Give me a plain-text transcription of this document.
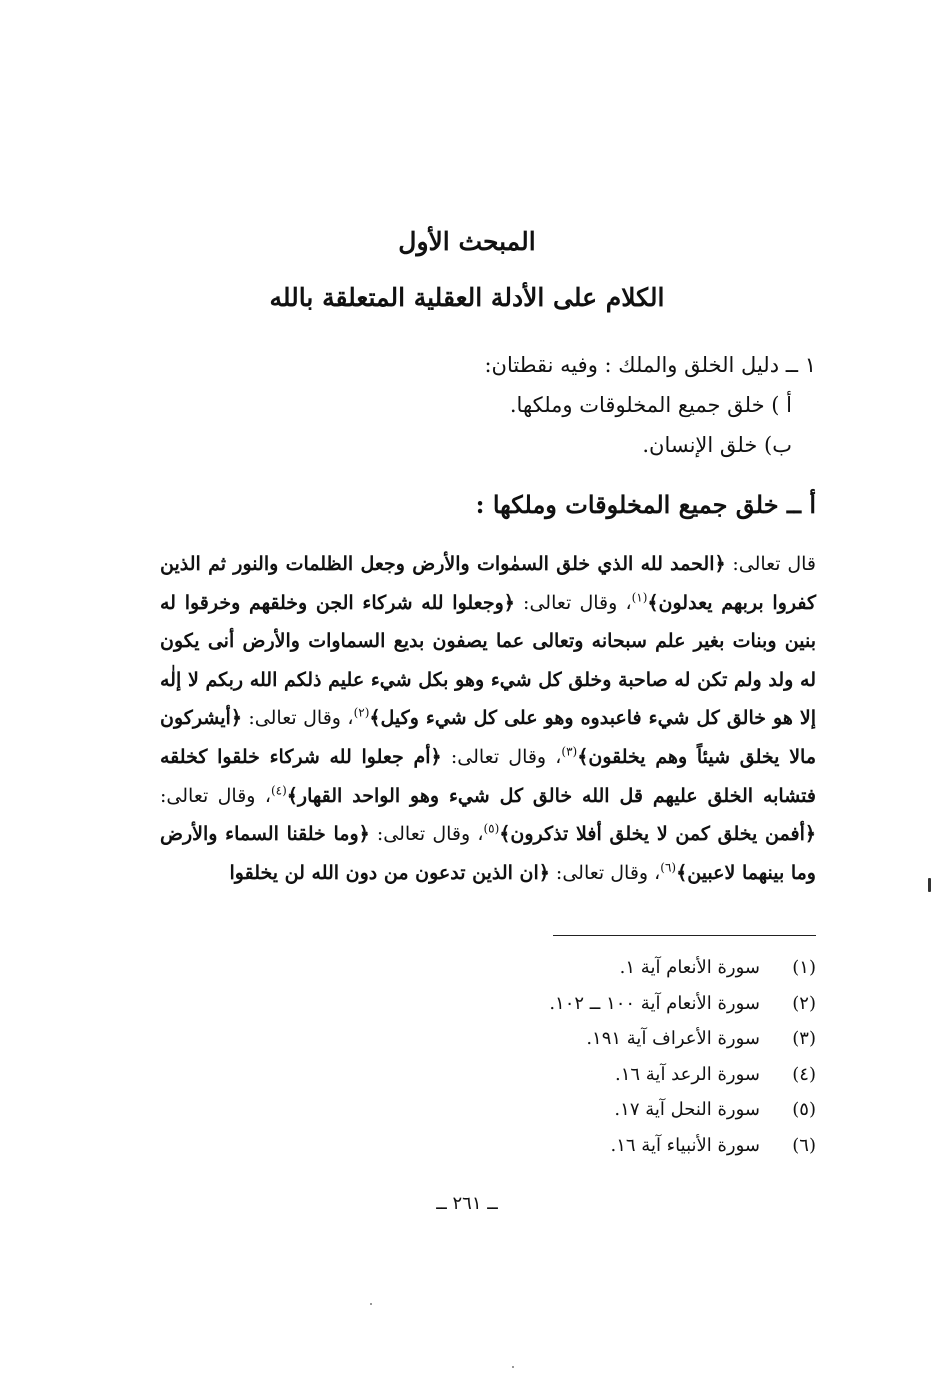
المبحث الأول
الكلام على الأدلة العقلية المتعلقة بالله
١ ــ دليل الخلق والملك : وفيه نقطتان:
أ ) خلق جميع المخلوقات وملكها.
ب) خلق الإنسان.
أ ــ خلق جميع المخلوقات وملكها :

قال تعالى: ﴿الحمد لله الذي خلق السمٰوات والأرض وجعل الظلمات والنور ثم الذين كفروا بربهم يعدلون﴾$^{(١)}$، وقال تعالى: ﴿وجعلوا لله شركاء الجن وخلقهم وخرقوا له بنين وبنات بغير علم سبحانه وتعالى عما يصفون بديع السماوات والأرض أنى يكون له ولد ولم تكن له صاحبة وخلق كل شيء وهو بكل شيء عليم ذلكم الله ربكم لا إلٰه إلا هو خالق كل شيء فاعبدوه وهو على كل شيء وكيل﴾$^{(٢)}$، وقال تعالى: ﴿أيشركون مالا يخلق شيئاً وهم يخلقون﴾$^{(٣)}$، وقال تعالى: ﴿أم جعلوا لله شركاء خلقوا كخلقه فتشابه الخلق عليهم قل الله خالق كل شيء وهو الواحد القهار﴾$^{(٤)}$، وقال تعالى: ﴿أفمن يخلق كمن لا يخلق أفلا تذكرون﴾$^{(٥)}$، وقال تعالى: ﴿وما خلقنا السماء والأرض وما بينهما لاعبين﴾$^{(٦)}$، وقال تعالى: ﴿ان الذين تدعون من دون الله لن يخلقوا

(١)
سورة الأنعام آية ١.
(٢)
سورة الأنعام آية ١٠٠ ــ ١٠٢.
(٣)
سورة الأعراف آية ١٩١.
(٤)
سورة الرعد آية ١٦.
(٥)
سورة النحل آية ١٧.
(٦)
سورة الأنبياء آية ١٦.
ــ ٢٦١ ــ
